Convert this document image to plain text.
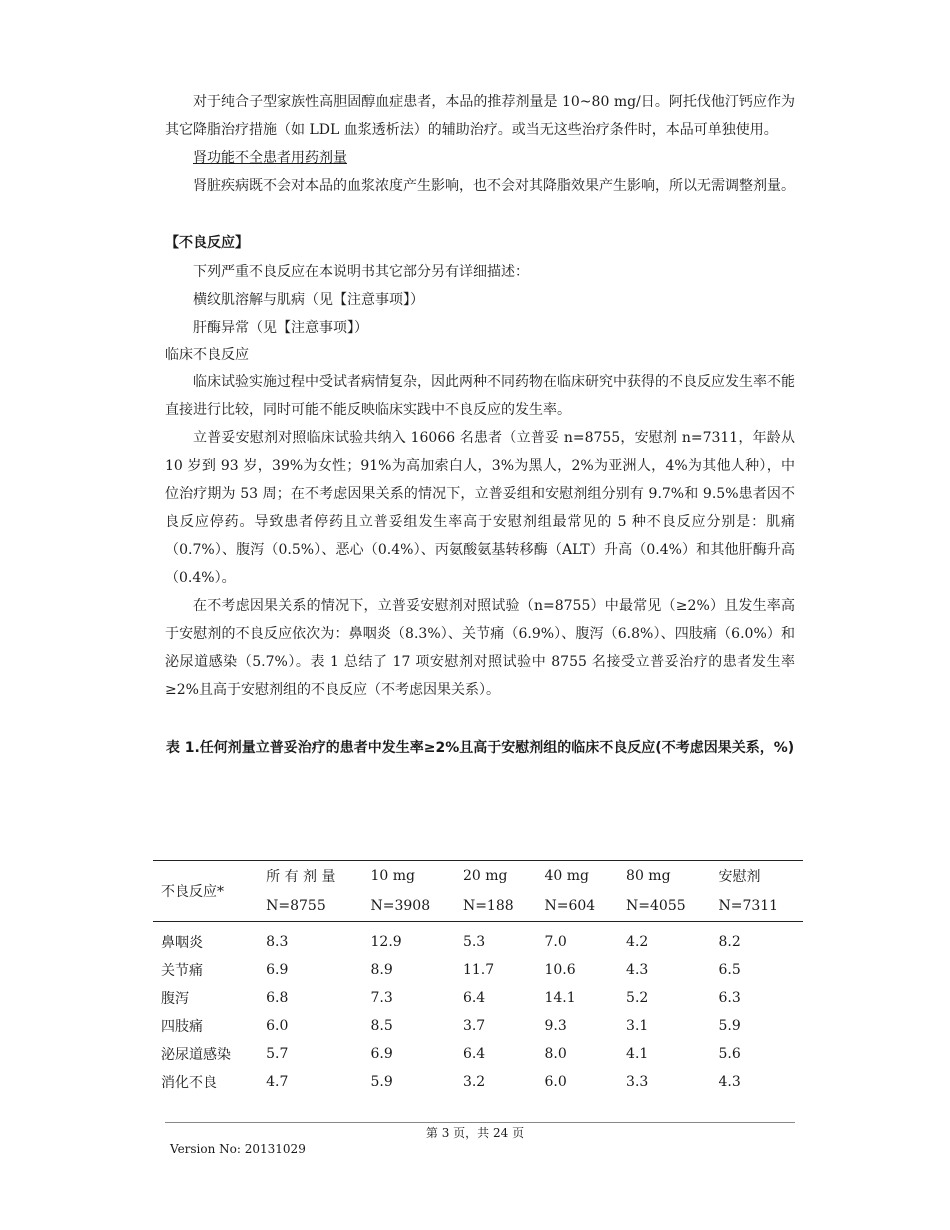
对于纯合子型家族性高胆固醇血症患者，本品的推荐剂量是 10~80 mg/日。阿托伐他汀钙应作为其它降脂治疗措施（如 LDL 血浆透析法）的辅助治疗。或当无这些治疗条件时，本品可单独使用。

肾功能不全患者用药剂量

肾脏疾病既不会对本品的血浆浓度产生影响，也不会对其降脂效果产生影响，所以无需调整剂量。

【不良反应】

下列严重不良反应在本说明书其它部分另有详细描述：

横纹肌溶解与肌病（见【注意事项】）

肝酶异常（见【注意事项】）

临床不良反应

临床试验实施过程中受试者病情复杂，因此两种不同药物在临床研究中获得的不良反应发生率不能直接进行比较，同时可能不能反映临床实践中不良反应的发生率。

立普妥安慰剂对照临床试验共纳入 16066 名患者（立普妥 n=8755，安慰剂 n=7311，年龄从 10 岁到 93 岁，39%为女性；91%为高加索白人，3%为黑人，2%为亚洲人，4%为其他人种），中位治疗期为 53 周；在不考虑因果关系的情况下，立普妥组和安慰剂组分别有 9.7%和 9.5%患者因不良反应停药。导致患者停药且立普妥组发生率高于安慰剂组最常见的 5 种不良反应分别是：肌痛（0.7%）、腹泻（0.5%）、恶心（0.4%）、丙氨酸氨基转移酶（ALT）升高（0.4%）和其他肝酶升高（0.4%）。

在不考虑因果关系的情况下，立普妥安慰剂对照试验（n=8755）中最常见（≥2%）且发生率高于安慰剂的不良反应依次为：鼻咽炎（8.3%）、关节痛（6.9%）、腹泻（6.8%）、四肢痛（6.0%）和泌尿道感染（5.7%）。表 1 总结了 17 项安慰剂对照试验中 8755 名接受立普妥治疗的患者发生率≥2%且高于安慰剂组的不良反应（不考虑因果关系）。

表 1.任何剂量立普妥治疗的患者中发生率≥2%且高于安慰剂组的临床不良反应(不考虑因果关系，%)

不良反应*	所 有 剂 量	10 mg	20 mg	40 mg	80 mg	安慰剂
	N=8755	N=3908	N=188	N=604	N=4055	N=7311
鼻咽炎	8.3	12.9	5.3	7.0	4.2	8.2
关节痛	6.9	8.9	11.7	10.6	4.3	6.5
腹泻	6.8	7.3	6.4	14.1	5.2	6.3
四肢痛	6.0	8.5	3.7	9.3	3.1	5.9
泌尿道感染	5.7	6.9	6.4	8.0	4.1	5.6
消化不良	4.7	5.9	3.2	6.0	3.3	4.3
第 3 页，共 24 页
Version No: 20131029
